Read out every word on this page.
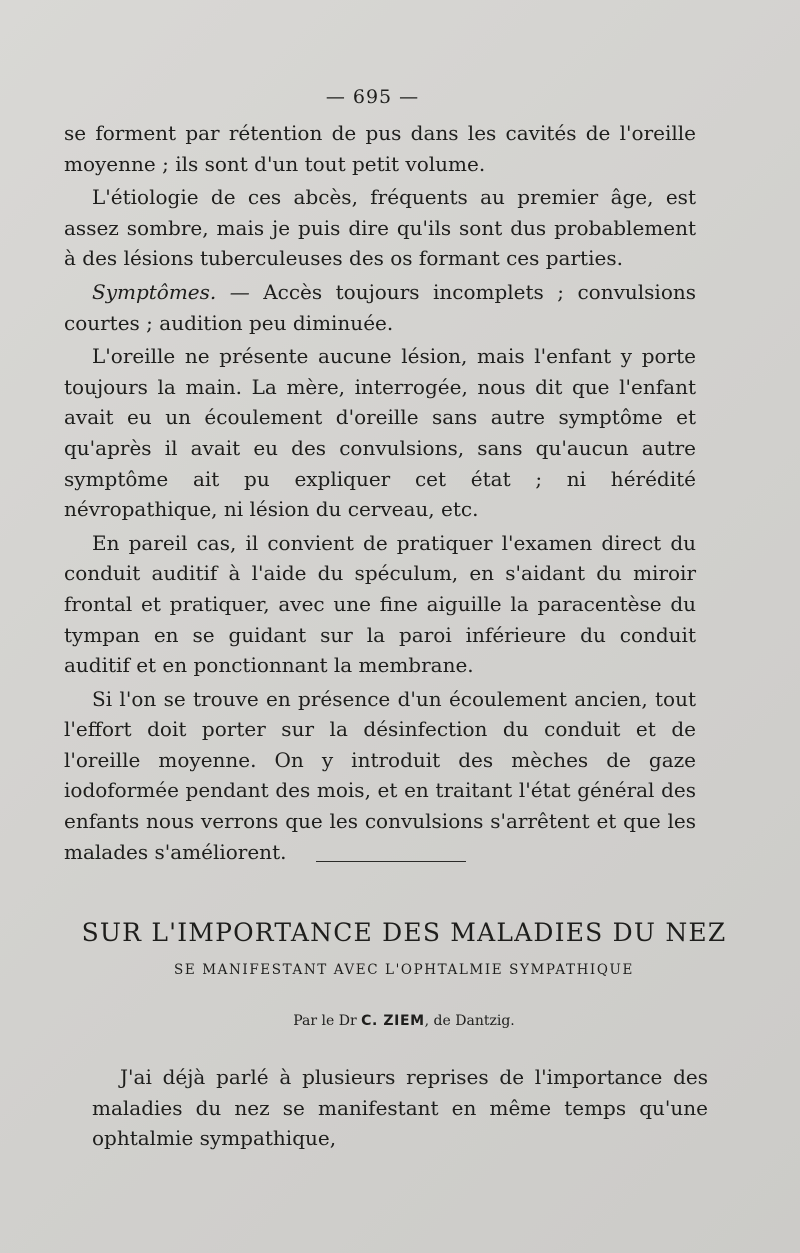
— 695 —

se forment par rétention de pus dans les cavités de l'oreille moyenne ; ils sont d'un tout petit volume.

L'étiologie de ces abcès, fréquents au premier âge, est assez sombre, mais je puis dire qu'ils sont dus probablement à des lésions tuberculeuses des os formant ces parties.

Symptômes. — Accès toujours incomplets ; convulsions courtes ; audition peu diminuée.

L'oreille ne présente aucune lésion, mais l'enfant y porte toujours la main. La mère, interrogée, nous dit que l'enfant avait eu un écoulement d'oreille sans autre symptôme et qu'après il avait eu des convulsions, sans qu'aucun autre symptôme ait pu expliquer cet état ; ni hérédité névropathique, ni lésion du cerveau, etc.

En pareil cas, il convient de pratiquer l'examen direct du conduit auditif à l'aide du spéculum, en s'aidant du miroir frontal et pratiquer, avec une fine aiguille la paracentèse du tympan en se guidant sur la paroi inférieure du conduit auditif et en ponctionnant la membrane.

Si l'on se trouve en présence d'un écoulement ancien, tout l'effort doit porter sur la désinfection du conduit et de l'oreille moyenne. On y introduit des mèches de gaze iodoformée pendant des mois, et en traitant l'état général des enfants nous verrons que les convulsions s'arrêtent et que les malades s'améliorent.

SUR L'IMPORTANCE DES MALADIES DU NEZ
SE MANIFESTANT AVEC L'OPHTALMIE SYMPATHIQUE
Par le Dr C. ZIEM, de Dantzig.

J'ai déjà parlé à plusieurs reprises de l'importance des maladies du nez se manifestant en même temps qu'une ophtalmie sympathique,
